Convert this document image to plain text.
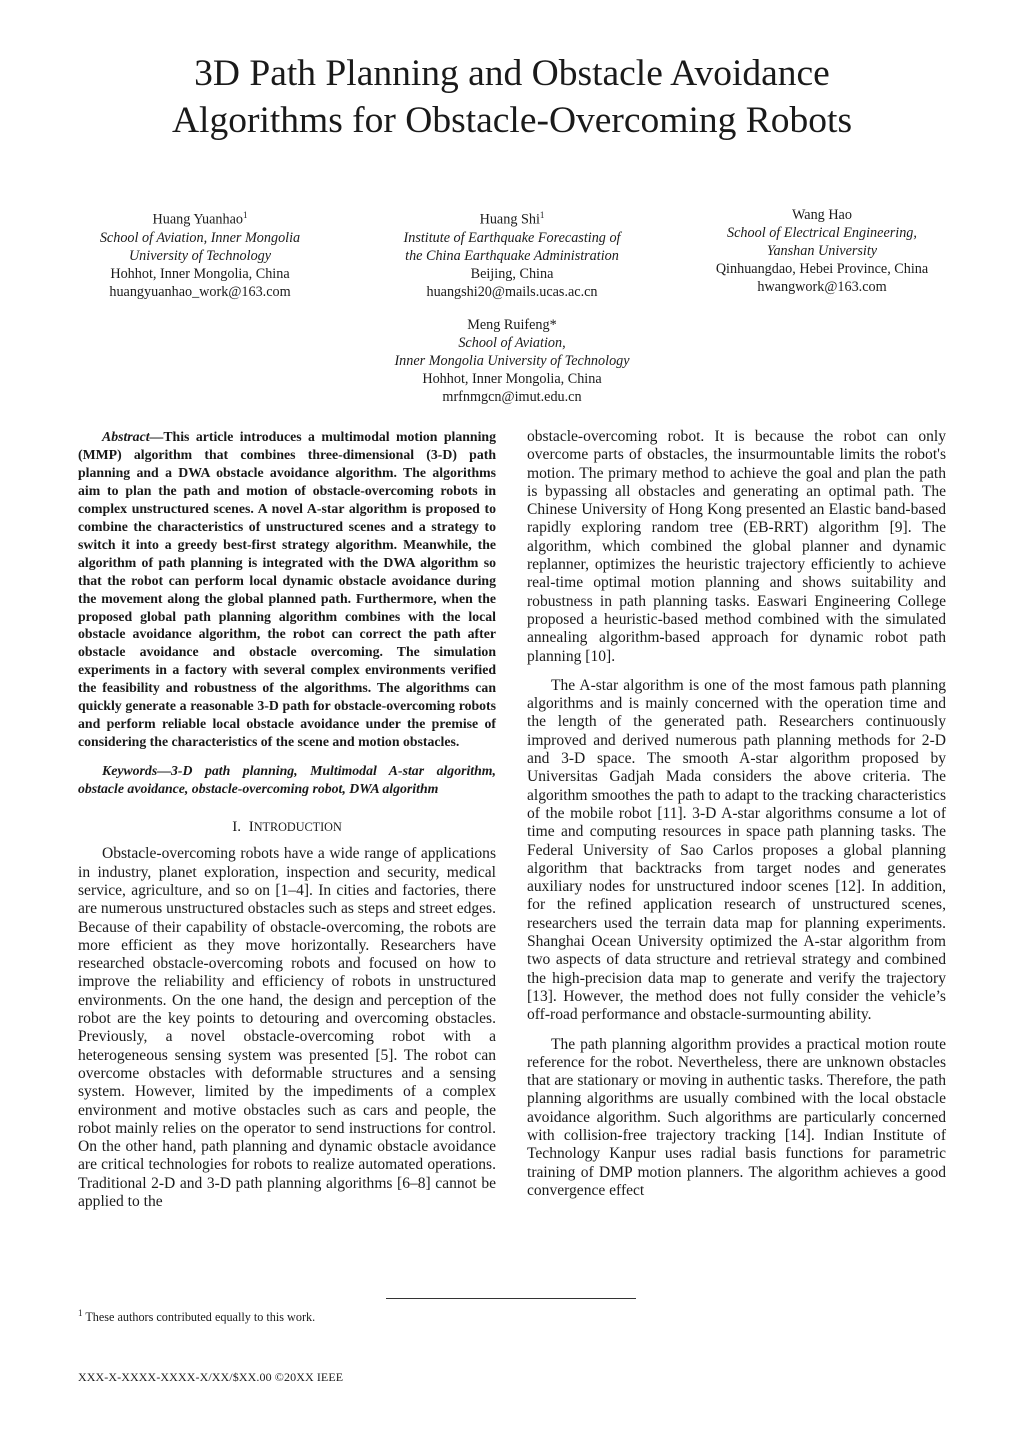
3D Path Planning and Obstacle Avoidance
Algorithms for Obstacle-Overcoming Robots
Huang Yuanhao$^1$
School of Aviation, Inner Mongolia
University of Technology
Hohhot, Inner Mongolia, China
huangyuanhao_work@163.com
Huang Shi$^1$
Institute of Earthquake Forecasting of
the China Earthquake Administration
Beijing, China
huangshi20@mails.ucas.ac.cn
Wang Hao
School of Electrical Engineering,
Yanshan University
Qinhuangdao, Hebei Province, China
hwangwork@163.com
Meng Ruifeng*
School of Aviation,
Inner Mongolia University of Technology
Hohhot, Inner Mongolia, China
mrfnmgcn@imut.edu.cn

Abstract—This article introduces a multimodal motion planning (MMP) algorithm that combines three-dimensional (3-D) path planning and a DWA obstacle avoidance algorithm. The algorithms aim to plan the path and motion of obstacle-overcoming robots in complex unstructured scenes. A novel A-star algorithm is proposed to combine the characteristics of unstructured scenes and a strategy to switch it into a greedy best-first strategy algorithm. Meanwhile, the algorithm of path planning is integrated with the DWA algorithm so that the robot can perform local dynamic obstacle avoidance during the movement along the global planned path. Furthermore, when the proposed global path planning algorithm combines with the local obstacle avoidance algorithm, the robot can correct the path after obstacle avoidance and obstacle overcoming. The simulation experiments in a factory with several complex environments verified the feasibility and robustness of the algorithms. The algorithms can quickly generate a reasonable 3-D path for obstacle-overcoming robots and perform reliable local obstacle avoidance under the premise of considering the characteristics of the scene and motion obstacles.

Keywords—3-D path planning, Multimodal A-star algorithm, obstacle avoidance, obstacle-overcoming robot, DWA algorithm

I. INTRODUCTION

Obstacle-overcoming robots have a wide range of applications in industry, planet exploration, inspection and security, medical service, agriculture, and so on [1–4]. In cities and factories, there are numerous unstructured obstacles such as steps and street edges. Because of their capability of obstacle-overcoming, the robots are more efficient as they move horizontally. Researchers have researched obstacle-overcoming robots and focused on how to improve the reliability and efficiency of robots in unstructured environments. On the one hand, the design and perception of the robot are the key points to detouring and overcoming obstacles. Previously, a novel obstacle-overcoming robot with a heterogeneous sensing system was presented [5]. The robot can overcome obstacles with deformable structures and a sensing system. However, limited by the impediments of a complex environment and motive obstacles such as cars and people, the robot mainly relies on the operator to send instructions for control. On the other hand, path planning and dynamic obstacle avoidance are critical technologies for robots to realize automated operations. Traditional 2-D and 3-D path planning algorithms [6–8] cannot be applied to the

obstacle-overcoming robot. It is because the robot can only overcome parts of obstacles, the insurmountable limits the robot's motion. The primary method to achieve the goal and plan the path is bypassing all obstacles and generating an optimal path. The Chinese University of Hong Kong presented an Elastic band-based rapidly exploring random tree (EB-RRT) algorithm [9]. The algorithm, which combined the global planner and dynamic replanner, optimizes the heuristic trajectory efficiently to achieve real-time optimal motion planning and shows suitability and robustness in path planning tasks. Easwari Engineering College proposed a heuristic-based method combined with the simulated annealing algorithm-based approach for dynamic robot path planning [10].

The A-star algorithm is one of the most famous path planning algorithms and is mainly concerned with the operation time and the length of the generated path. Researchers continuously improved and derived numerous path planning methods for 2-D and 3-D space. The smooth A-star algorithm proposed by Universitas Gadjah Mada considers the above criteria. The algorithm smoothes the path to adapt to the tracking characteristics of the mobile robot [11]. 3-D A-star algorithms consume a lot of time and computing resources in space path planning tasks. The Federal University of Sao Carlos proposes a global planning algorithm that backtracks from target nodes and generates auxiliary nodes for unstructured indoor scenes [12]. In addition, for the refined application research of unstructured scenes, researchers used the terrain data map for planning experiments. Shanghai Ocean University optimized the A-star algorithm from two aspects of data structure and retrieval strategy and combined the high-precision data map to generate and verify the trajectory [13]. However, the method does not fully consider the vehicle’s off-road performance and obstacle-surmounting ability.

The path planning algorithm provides a practical motion route reference for the robot. Nevertheless, there are unknown obstacles that are stationary or moving in authentic tasks. Therefore, the path planning algorithms are usually combined with the local obstacle avoidance algorithm. Such algorithms are particularly concerned with collision-free trajectory tracking [14]. Indian Institute of Technology Kanpur uses radial basis functions for parametric training of DMP motion planners. The algorithm achieves a good convergence effect

$^1$ These authors contributed equally to this work.
XXX-X-XXXX-XXXX-X/XX/$XX.00 ©20XX IEEE
